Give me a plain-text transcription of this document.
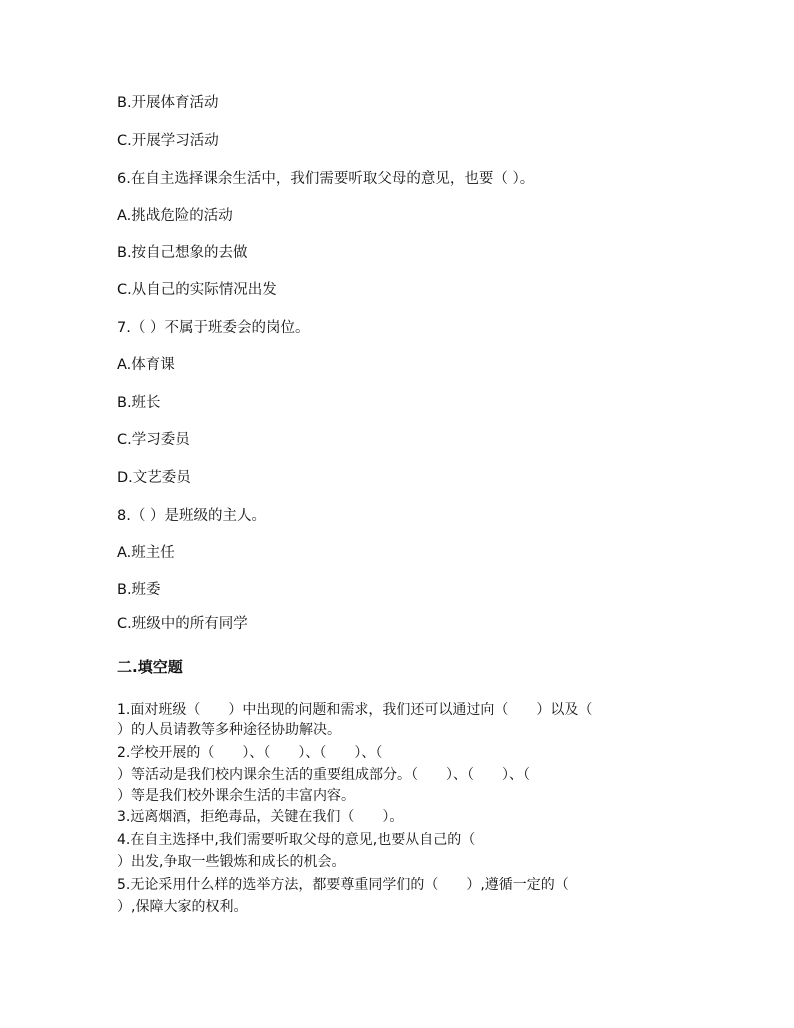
B.开展体育活动
C.开展学习活动
6.在自主选择课余生活中，我们需要听取父母的意见，也要（ ）。
A.挑战危险的活动
B.按自己想象的去做
C.从自己的实际情况出发
7.（ ）不属于班委会的岗位。
A.体育课
B.班长
C.学习委员
D.文艺委员
8.（ ）是班级的主人。
A.班主任
B.班委
C.班级中的所有同学
二.填空题
1.面对班级（　　）中出现的问题和需求，我们还可以通过向（　　）以及（
）的人员请教等多种途径协助解决。
2.学校开展的（　　）、（　　）、（　　）、（
）等活动是我们校内课余生活的重要组成部分。（　　）、（　　）、（
）等是我们校外课余生活的丰富内容。
3.远离烟酒，拒绝毒品，关键在我们（　　）。
4.在自主选择中,我们需要听取父母的意见,也要从自己的（
）出发,争取一些锻炼和成长的机会。
5.无论采用什么样的选举方法，都要尊重同学们的（　　）,遵循一定的（
）,保障大家的权利。
